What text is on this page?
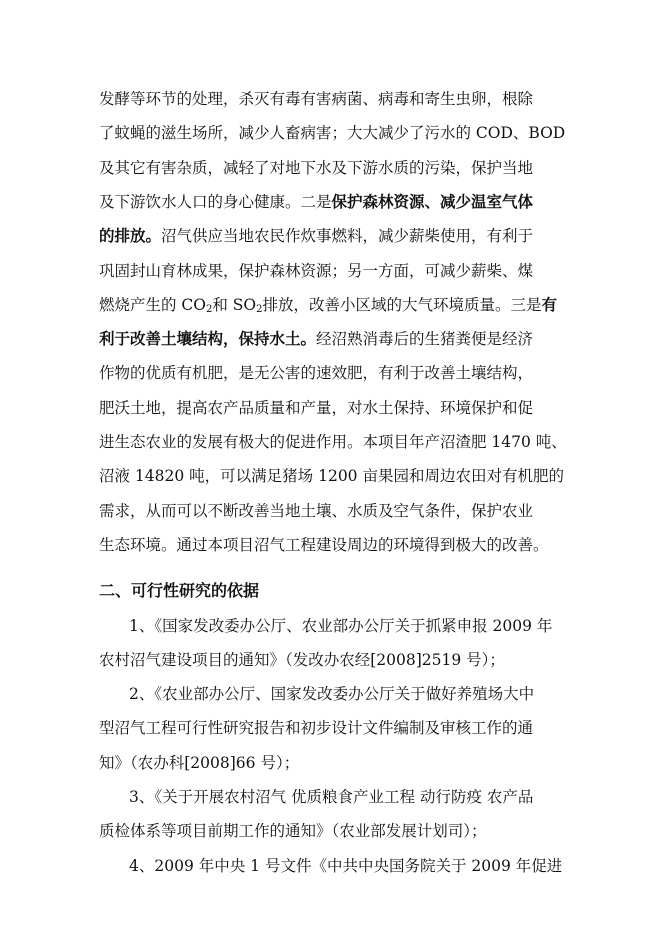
发酵等环节的处理，杀灭有毒有害病菌、病毒和寄生虫卵，根除
了蚊蝇的滋生场所，减少人畜病害；大大减少了污水的 COD、BOD
及其它有害杂质，减轻了对地下水及下游水质的污染，保护当地
及下游饮水人口的身心健康。二是保护森林资源、减少温室气体
的排放。沼气供应当地农民作炊事燃料，减少薪柴使用，有利于
巩固封山育林成果，保护森林资源；另一方面，可减少薪柴、煤
燃烧产生的 $CO_2$和 $SO_2$排放，改善小区域的大气环境质量。三是有
利于改善土壤结构，保持水土。经沼熟消毒后的生猪粪便是经济
作物的优质有机肥，是无公害的速效肥，有利于改善土壤结构，
肥沃土地，提高农产品质量和产量，对水土保持、环境保护和促
进生态农业的发展有极大的促进作用。本项目年产沼渣肥 1470 吨、
沼液 14820 吨，可以满足猪场 1200 亩果园和周边农田对有机肥的
需求，从而可以不断改善当地土壤、水质及空气条件，保护农业
生态环境。通过本项目沼气工程建设周边的环境得到极大的改善。
二、可行性研究的依据
1、《国家发改委办公厅、农业部办公厅关于抓紧申报 2009 年
农村沼气建设项目的通知》（发改办农经[2008]2519 号）；
2、《农业部办公厅、国家发改委办公厅关于做好养殖场大中
型沼气工程可行性研究报告和初步设计文件编制及审核工作的通
知》（农办科[2008]66 号）；
3、《关于开展农村沼气 优质粮食产业工程 动行防疫 农产品
质检体系等项目前期工作的通知》（农业部发展计划司）；
4、2009 年中央 1 号文件《中共中央国务院关于 2009 年促进
